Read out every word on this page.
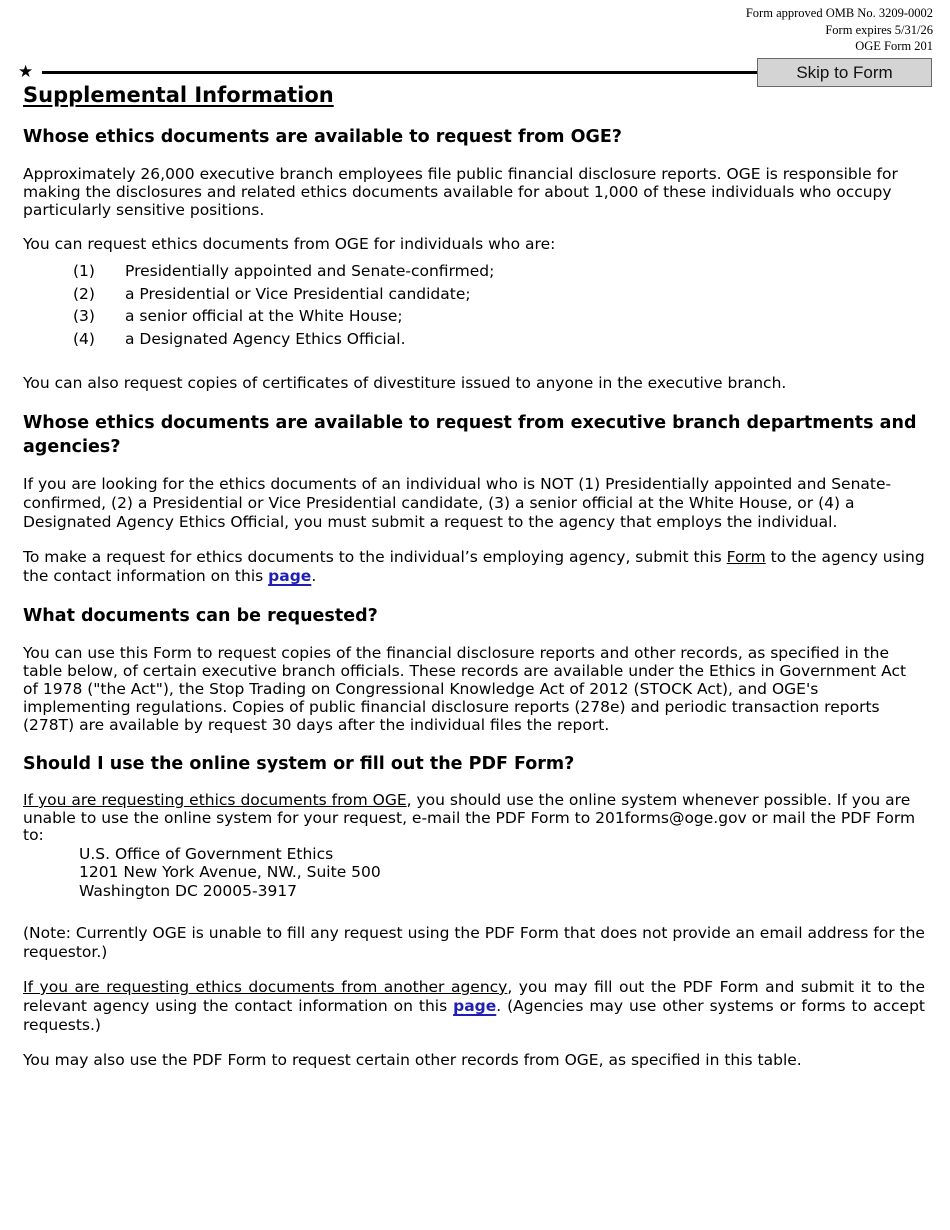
Form approved OMB No. 3209-0002
Form expires 5/31/26
OGE Form 201
★	Skip to Form
Supplemental Information
Whose ethics documents are available to request from OGE?

Approximately 26,000 executive branch employees file public financial disclosure reports. OGE is responsible for making the disclosures and related ethics documents available for about 1,000 of these individuals who occupy particularly sensitive positions.

You can request ethics documents from OGE for individuals who are:

(1)	Presidentially appointed and Senate-confirmed;
(2)	a Presidential or Vice Presidential candidate;
(3)	a senior official at the White House;
(4)	a Designated Agency Ethics Official.

You can also request copies of certificates of divestiture issued to anyone in the executive branch.

Whose ethics documents are available to request from executive branch departments and agencies?

If you are looking for the ethics documents of an individual who is NOT (1) Presidentially appointed and Senate-confirmed, (2) a Presidential or Vice Presidential candidate, (3) a senior official at the White House, or (4) a Designated Agency Ethics Official, you must submit a request to the agency that employs the individual.

To make a request for ethics documents to the individual’s employing agency, submit this Form to the agency using the contact information on this page.

What documents can be requested?

You can use this Form to request copies of the financial disclosure reports and other records, as specified in the table below, of certain executive branch officials. These records are available under the Ethics in Government Act of 1978 ("the Act"), the Stop Trading on Congressional Knowledge Act of 2012 (STOCK Act), and OGE's implementing regulations. Copies of public financial disclosure reports (278e) and periodic transaction reports (278T) are available by request 30 days after the individual files the report.

Should I use the online system or fill out the PDF Form?

If you are requesting ethics documents from OGE, you should use the online system whenever possible. If you are unable to use the online system for your request, e-mail the PDF Form to 201forms@oge.gov or mail the PDF Form to:

U.S. Office of Government Ethics
1201 New York Avenue, NW., Suite 500
Washington DC 20005-3917

(Note: Currently OGE is unable to fill any request using the PDF Form that does not provide an email address for the requestor.)

If you are requesting ethics documents from another agency, you may fill out the PDF Form and submit it to the relevant agency using the contact information on this page. (Agencies may use other systems or forms to accept requests.)

You may also use the PDF Form to request certain other records from OGE, as specified in this table.
